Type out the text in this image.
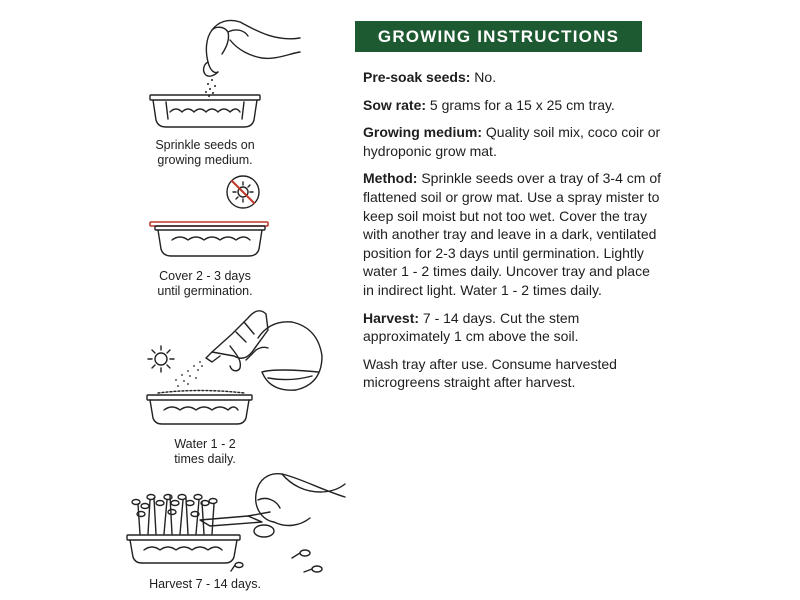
Sprinkle seeds on
growing medium.
Cover 2 - 3 days
until germination.
Water 1 - 2
times daily.
Harvest 7 - 14 days.
GROWING INSTRUCTIONS

Pre-soak seeds: No.

Sow rate: 5 grams for a 15 x 25 cm tray.

Growing medium: Quality soil mix, coco coir or hydroponic grow mat.

Method: Sprinkle seeds over a tray of 3-4 cm of flattened soil or grow mat. Use a spray mister to keep soil moist but not too wet. Cover the tray with another tray and leave in a dark, ventilated position for 2-3 days until germination. Lightly water 1 - 2 times daily. Uncover tray and place in indirect light. Water 1 - 2 times daily.

Harvest: 7 - 14 days. Cut the stem approximately 1 cm above the soil.

Wash tray after use. Consume harvested microgreens straight after harvest.
